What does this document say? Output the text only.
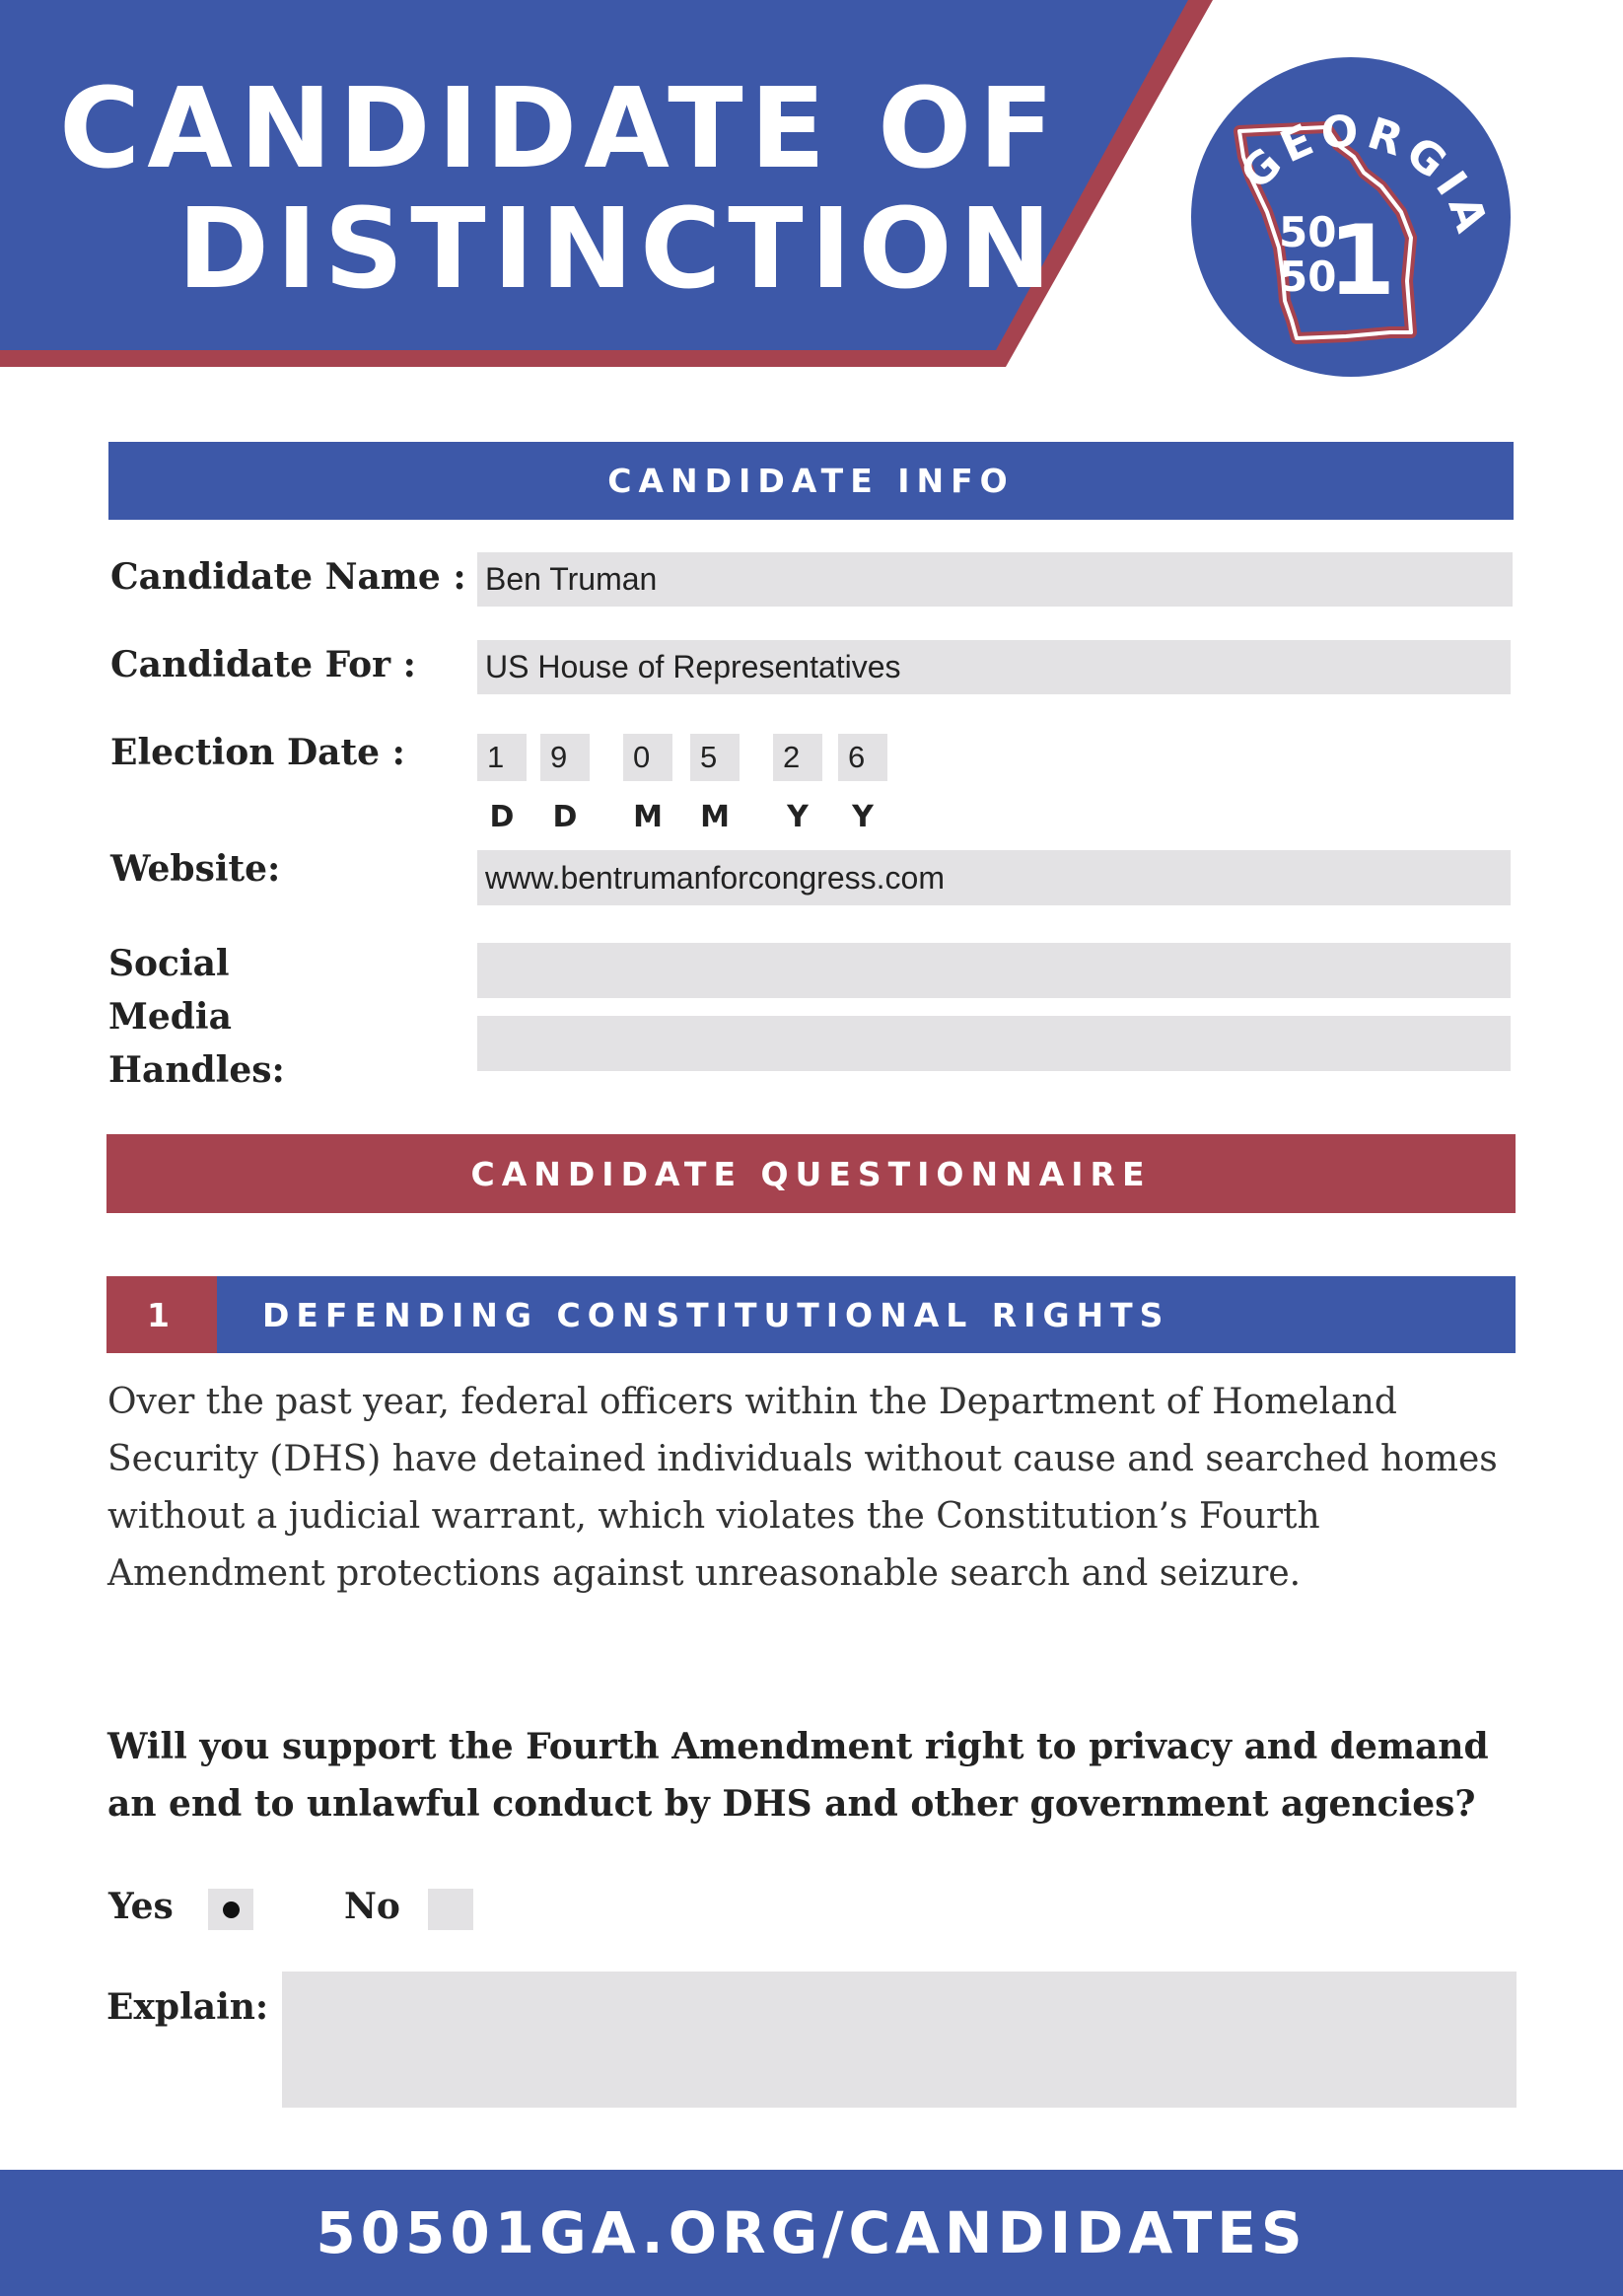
CANDIDATE OF
DISTINCTION
GEORGIA
50
50
1
CANDIDATE INFO
Candidate Name : Ben Truman
Candidate For : US House of Representatives
Election Date :	1	9	0	5	2	6
D D M M Y Y
Website:	www.bentrumanforcongress.com
Social Media Handles:
CANDIDATE QUESTIONNAIRE
1	DEFENDING CONSTITUTIONAL RIGHTS
Over the past year, federal officers within the Department of Homeland Security (DHS) have detained individuals without cause and searched homes without a judicial warrant, which violates the Constitution’s Fourth Amendment protections against unreasonable search and seizure.
Will you support the Fourth Amendment right to privacy and demand an end to unlawful conduct by DHS and other government agencies?
Yes	No
Explain:
50501GA.ORG/CANDIDATES
